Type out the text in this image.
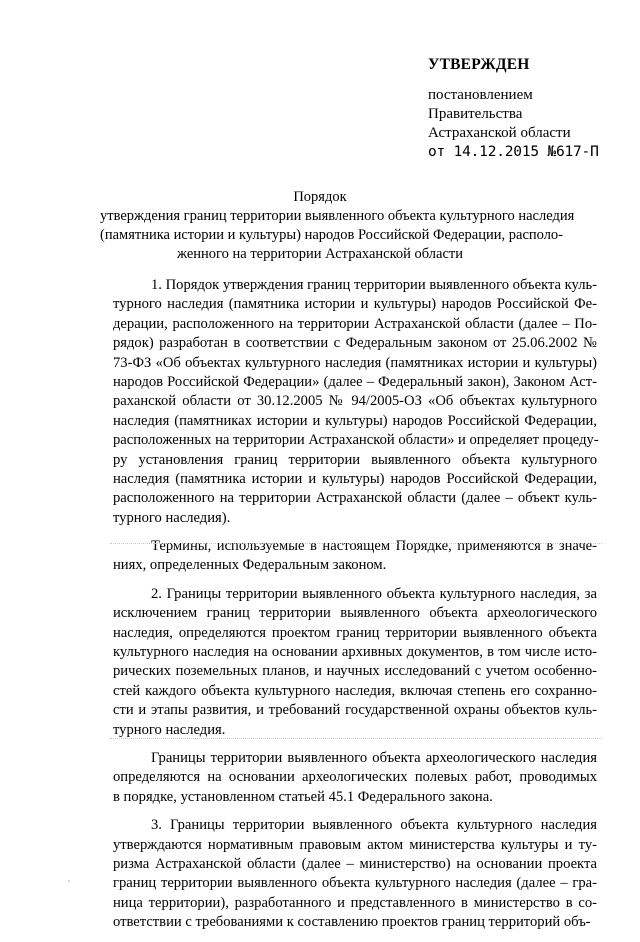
УТВЕРЖДЕН
постановлением
Правительства
Астраханской области
от 14.12.2015 №617-П
Порядок
утверждения границ территории выявленного объекта культурного наследия
(памятника истории и культуры) народов Российской Федерации, располо-
женного на территории Астраханской области
1. Порядок утверждения границ территории выявленного объекта куль-
турного наследия (памятника истории и культуры) народов Российской Фе-
дерации, расположенного на территории Астраханской области (далее – По-
рядок) разработан в соответствии с Федеральным законом от 25.06.2002 №
73-ФЗ «Об объектах культурного наследия (памятниках истории и культуры)
народов Российской Федерации» (далее – Федеральный закон), Законом Аст-
раханской области от 30.12.2005 № 94/2005-ОЗ «Об объектах культурного
наследия (памятниках истории и культуры) народов Российской Федерации,
расположенных на территории Астраханской области» и определяет процеду-
ру установления границ территории выявленного объекта культурного
наследия (памятника истории и культуры) народов Российской Федерации,
расположенного на территории Астраханской области (далее – объект куль-
турного наследия).
Термины, используемые в настоящем Порядке, применяются в значе-
ниях, определенных Федеральным законом.
2. Границы территории выявленного объекта культурного наследия, за
исключением границ территории выявленного объекта археологического
наследия, определяются проектом границ территории выявленного объекта
культурного наследия на основании архивных документов, в том числе исто-
рических поземельных планов, и научных исследований с учетом особенно-
стей каждого объекта культурного наследия, включая степень его сохранно-
сти и этапы развития, и требований государственной охраны объектов куль-
турного наследия.
Границы территории выявленного объекта археологического наследия
определяются на основании археологических полевых работ, проводимых
в порядке, установленном статьей 45.1 Федерального закона.
3. Границы территории выявленного объекта культурного наследия
утверждаются нормативным правовым актом министерства культуры и ту-
ризма Астраханской области (далее – министерство) на основании проекта
границ территории выявленного объекта культурного наследия (далее – гра-
ница территории), разработанного и представленного в министерство в со-
ответствии с требованиями к составлению проектов границ территорий объ-
